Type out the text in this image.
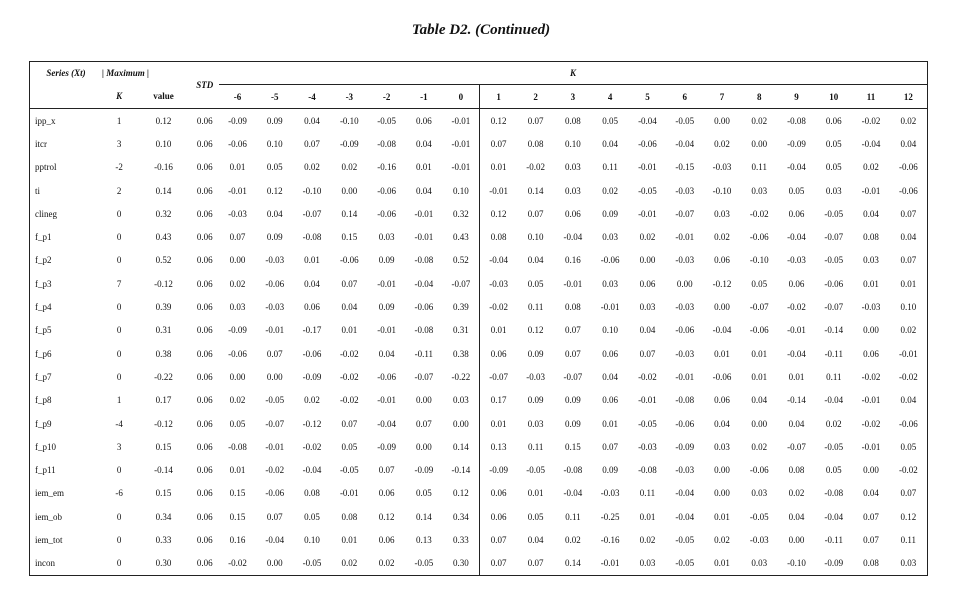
Table D2. (Continued)
Series (Xt)	| Maximum |		STD	K																		
	K	value		-6	-5	-4	-3	-2	-1	0	1	2	3	4	5	6	7	8	9	10	11	12
ipp_x	1	0.12	0.06	-0.09	0.09	0.04	-0.10	-0.05	0.06	-0.01	0.12	0.07	0.08	0.05	-0.04	-0.05	0.00	0.02	-0.08	0.06	-0.02	0.02
itcr	3	0.10	0.06	-0.06	0.10	0.07	-0.09	-0.08	0.04	-0.01	0.07	0.08	0.10	0.04	-0.06	-0.04	0.02	0.00	-0.09	0.05	-0.04	0.04
pptrol	-2	-0.16	0.06	0.01	0.05	0.02	0.02	-0.16	0.01	-0.01	0.01	-0.02	0.03	0.11	-0.01	-0.15	-0.03	0.11	-0.04	0.05	0.02	-0.06
ti	2	0.14	0.06	-0.01	0.12	-0.10	0.00	-0.06	0.04	0.10	-0.01	0.14	0.03	0.02	-0.05	-0.03	-0.10	0.03	0.05	0.03	-0.01	-0.06
clineg	0	0.32	0.06	-0.03	0.04	-0.07	0.14	-0.06	-0.01	0.32	0.12	0.07	0.06	0.09	-0.01	-0.07	0.03	-0.02	0.06	-0.05	0.04	0.07
f_p1	0	0.43	0.06	0.07	0.09	-0.08	0.15	0.03	-0.01	0.43	0.08	0.10	-0.04	0.03	0.02	-0.01	0.02	-0.06	-0.04	-0.07	0.08	0.04
f_p2	0	0.52	0.06	0.00	-0.03	0.01	-0.06	0.09	-0.08	0.52	-0.04	0.04	0.16	-0.06	0.00	-0.03	0.06	-0.10	-0.03	-0.05	0.03	0.07
f_p3	7	-0.12	0.06	0.02	-0.06	0.04	0.07	-0.01	-0.04	-0.07	-0.03	0.05	-0.01	0.03	0.06	0.00	-0.12	0.05	0.06	-0.06	0.01	0.01
f_p4	0	0.39	0.06	0.03	-0.03	0.06	0.04	0.09	-0.06	0.39	-0.02	0.11	0.08	-0.01	0.03	-0.03	0.00	-0.07	-0.02	-0.07	-0.03	0.10
f_p5	0	0.31	0.06	-0.09	-0.01	-0.17	0.01	-0.01	-0.08	0.31	0.01	0.12	0.07	0.10	0.04	-0.06	-0.04	-0.06	-0.01	-0.14	0.00	0.02
f_p6	0	0.38	0.06	-0.06	0.07	-0.06	-0.02	0.04	-0.11	0.38	0.06	0.09	0.07	0.06	0.07	-0.03	0.01	0.01	-0.04	-0.11	0.06	-0.01
f_p7	0	-0.22	0.06	0.00	0.00	-0.09	-0.02	-0.06	-0.07	-0.22	-0.07	-0.03	-0.07	0.04	-0.02	-0.01	-0.06	0.01	0.01	0.11	-0.02	-0.02
f_p8	1	0.17	0.06	0.02	-0.05	0.02	-0.02	-0.01	0.00	0.03	0.17	0.09	0.09	0.06	-0.01	-0.08	0.06	0.04	-0.14	-0.04	-0.01	0.04
f_p9	-4	-0.12	0.06	0.05	-0.07	-0.12	0.07	-0.04	0.07	0.00	0.01	0.03	0.09	0.01	-0.05	-0.06	0.04	0.00	0.04	0.02	-0.02	-0.06
f_p10	3	0.15	0.06	-0.08	-0.01	-0.02	0.05	-0.09	0.00	0.14	0.13	0.11	0.15	0.07	-0.03	-0.09	0.03	0.02	-0.07	-0.05	-0.01	0.05
f_p11	0	-0.14	0.06	0.01	-0.02	-0.04	-0.05	0.07	-0.09	-0.14	-0.09	-0.05	-0.08	0.09	-0.08	-0.03	0.00	-0.06	0.08	0.05	0.00	-0.02
iem_em	-6	0.15	0.06	0.15	-0.06	0.08	-0.01	0.06	0.05	0.12	0.06	0.01	-0.04	-0.03	0.11	-0.04	0.00	0.03	0.02	-0.08	0.04	0.07
iem_ob	0	0.34	0.06	0.15	0.07	0.05	0.08	0.12	0.14	0.34	0.06	0.05	0.11	-0.25	0.01	-0.04	0.01	-0.05	0.04	-0.04	0.07	0.12
iem_tot	0	0.33	0.06	0.16	-0.04	0.10	0.01	0.06	0.13	0.33	0.07	0.04	0.02	-0.16	0.02	-0.05	0.02	-0.03	0.00	-0.11	0.07	0.11
incon	0	0.30	0.06	-0.02	0.00	-0.05	0.02	0.02	-0.05	0.30	0.07	0.07	0.14	-0.01	0.03	-0.05	0.01	0.03	-0.10	-0.09	0.08	0.03
